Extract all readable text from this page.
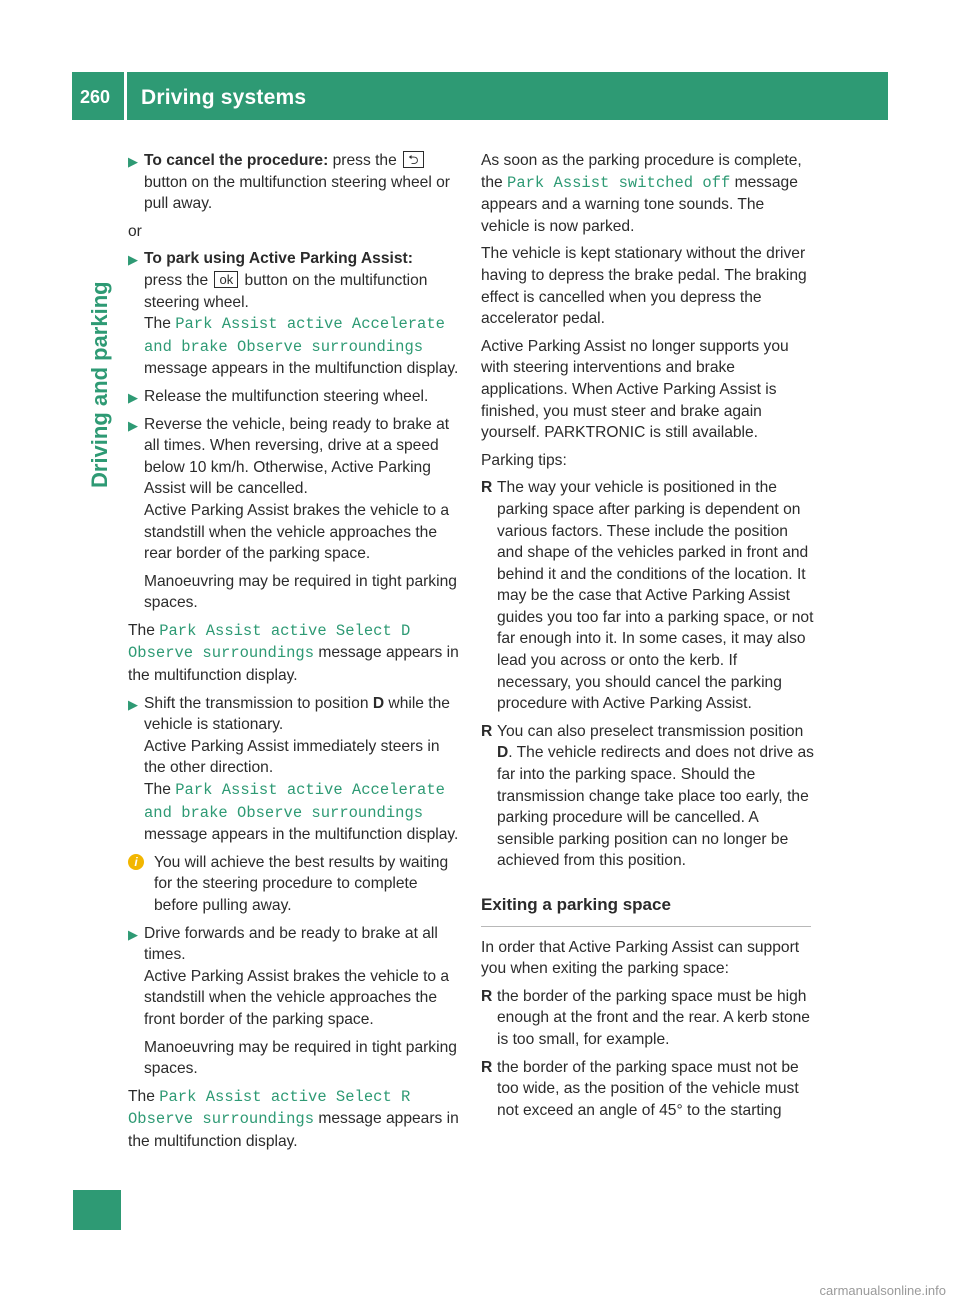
260 Driving systems
Driving and parking
▶ To cancel the procedure: press the ⮌ button on the multifunction steering wheel or pull away.
or
▶ To park using Active Parking Assist:
press the ok button on the multifunction steering wheel.
The Park Assist active Accelerate and brake Observe surroundings message appears in the multifunction display.
▶ Release the multifunction steering wheel.
▶ Reverse the vehicle, being ready to brake at all times. When reversing, drive at a speed below 10 km/h. Otherwise, Active Parking Assist will be cancelled.
Active Parking Assist brakes the vehicle to a standstill when the vehicle approaches the rear border of the parking space.
Manoeuvring may be required in tight parking spaces.
The Park Assist active Select D Observe surroundings message appears in the multifunction display.
▶ Shift the transmission to position D while the vehicle is stationary.
Active Parking Assist immediately steers in the other direction.
The Park Assist active Accelerate and brake Observe surroundings message appears in the multifunction display.
i	You will achieve the best results by waiting for the steering procedure to complete before pulling away.
▶ Drive forwards and be ready to brake at all times.
Active Parking Assist brakes the vehicle to a standstill when the vehicle approaches the front border of the parking space.
Manoeuvring may be required in tight parking spaces.
The Park Assist active Select R Observe surroundings message appears in the multifunction display.
As soon as the parking procedure is complete, the Park Assist switched off message appears and a warning tone sounds. The vehicle is now parked.
The vehicle is kept stationary without the driver having to depress the brake pedal. The braking effect is cancelled when you depress the accelerator pedal.
Active Parking Assist no longer supports you with steering interventions and brake applications. When Active Parking Assist is finished, you must steer and brake again yourself. PARKTRONIC is still available.
Parking tips:
R The way your vehicle is positioned in the parking space after parking is dependent on various factors. These include the position and shape of the vehicles parked in front and behind it and the conditions of the location. It may be the case that Active Parking Assist guides you too far into a parking space, or not far enough into it. In some cases, it may also lead you across or onto the kerb. If necessary, you should cancel the parking procedure with Active Parking Assist.
R You can also preselect transmission position D. The vehicle redirects and does not drive as far into the parking space. Should the transmission change take place too early, the parking procedure will be cancelled. A sensible parking position can no longer be achieved from this position.
Exiting a parking space
In order that Active Parking Assist can support you when exiting the parking space:
R the border of the parking space must be high enough at the front and the rear. A kerb stone is too small, for example.
R the border of the parking space must not be too wide, as the position of the vehicle must not exceed an angle of 45° to the starting
carmanualsonline.info
